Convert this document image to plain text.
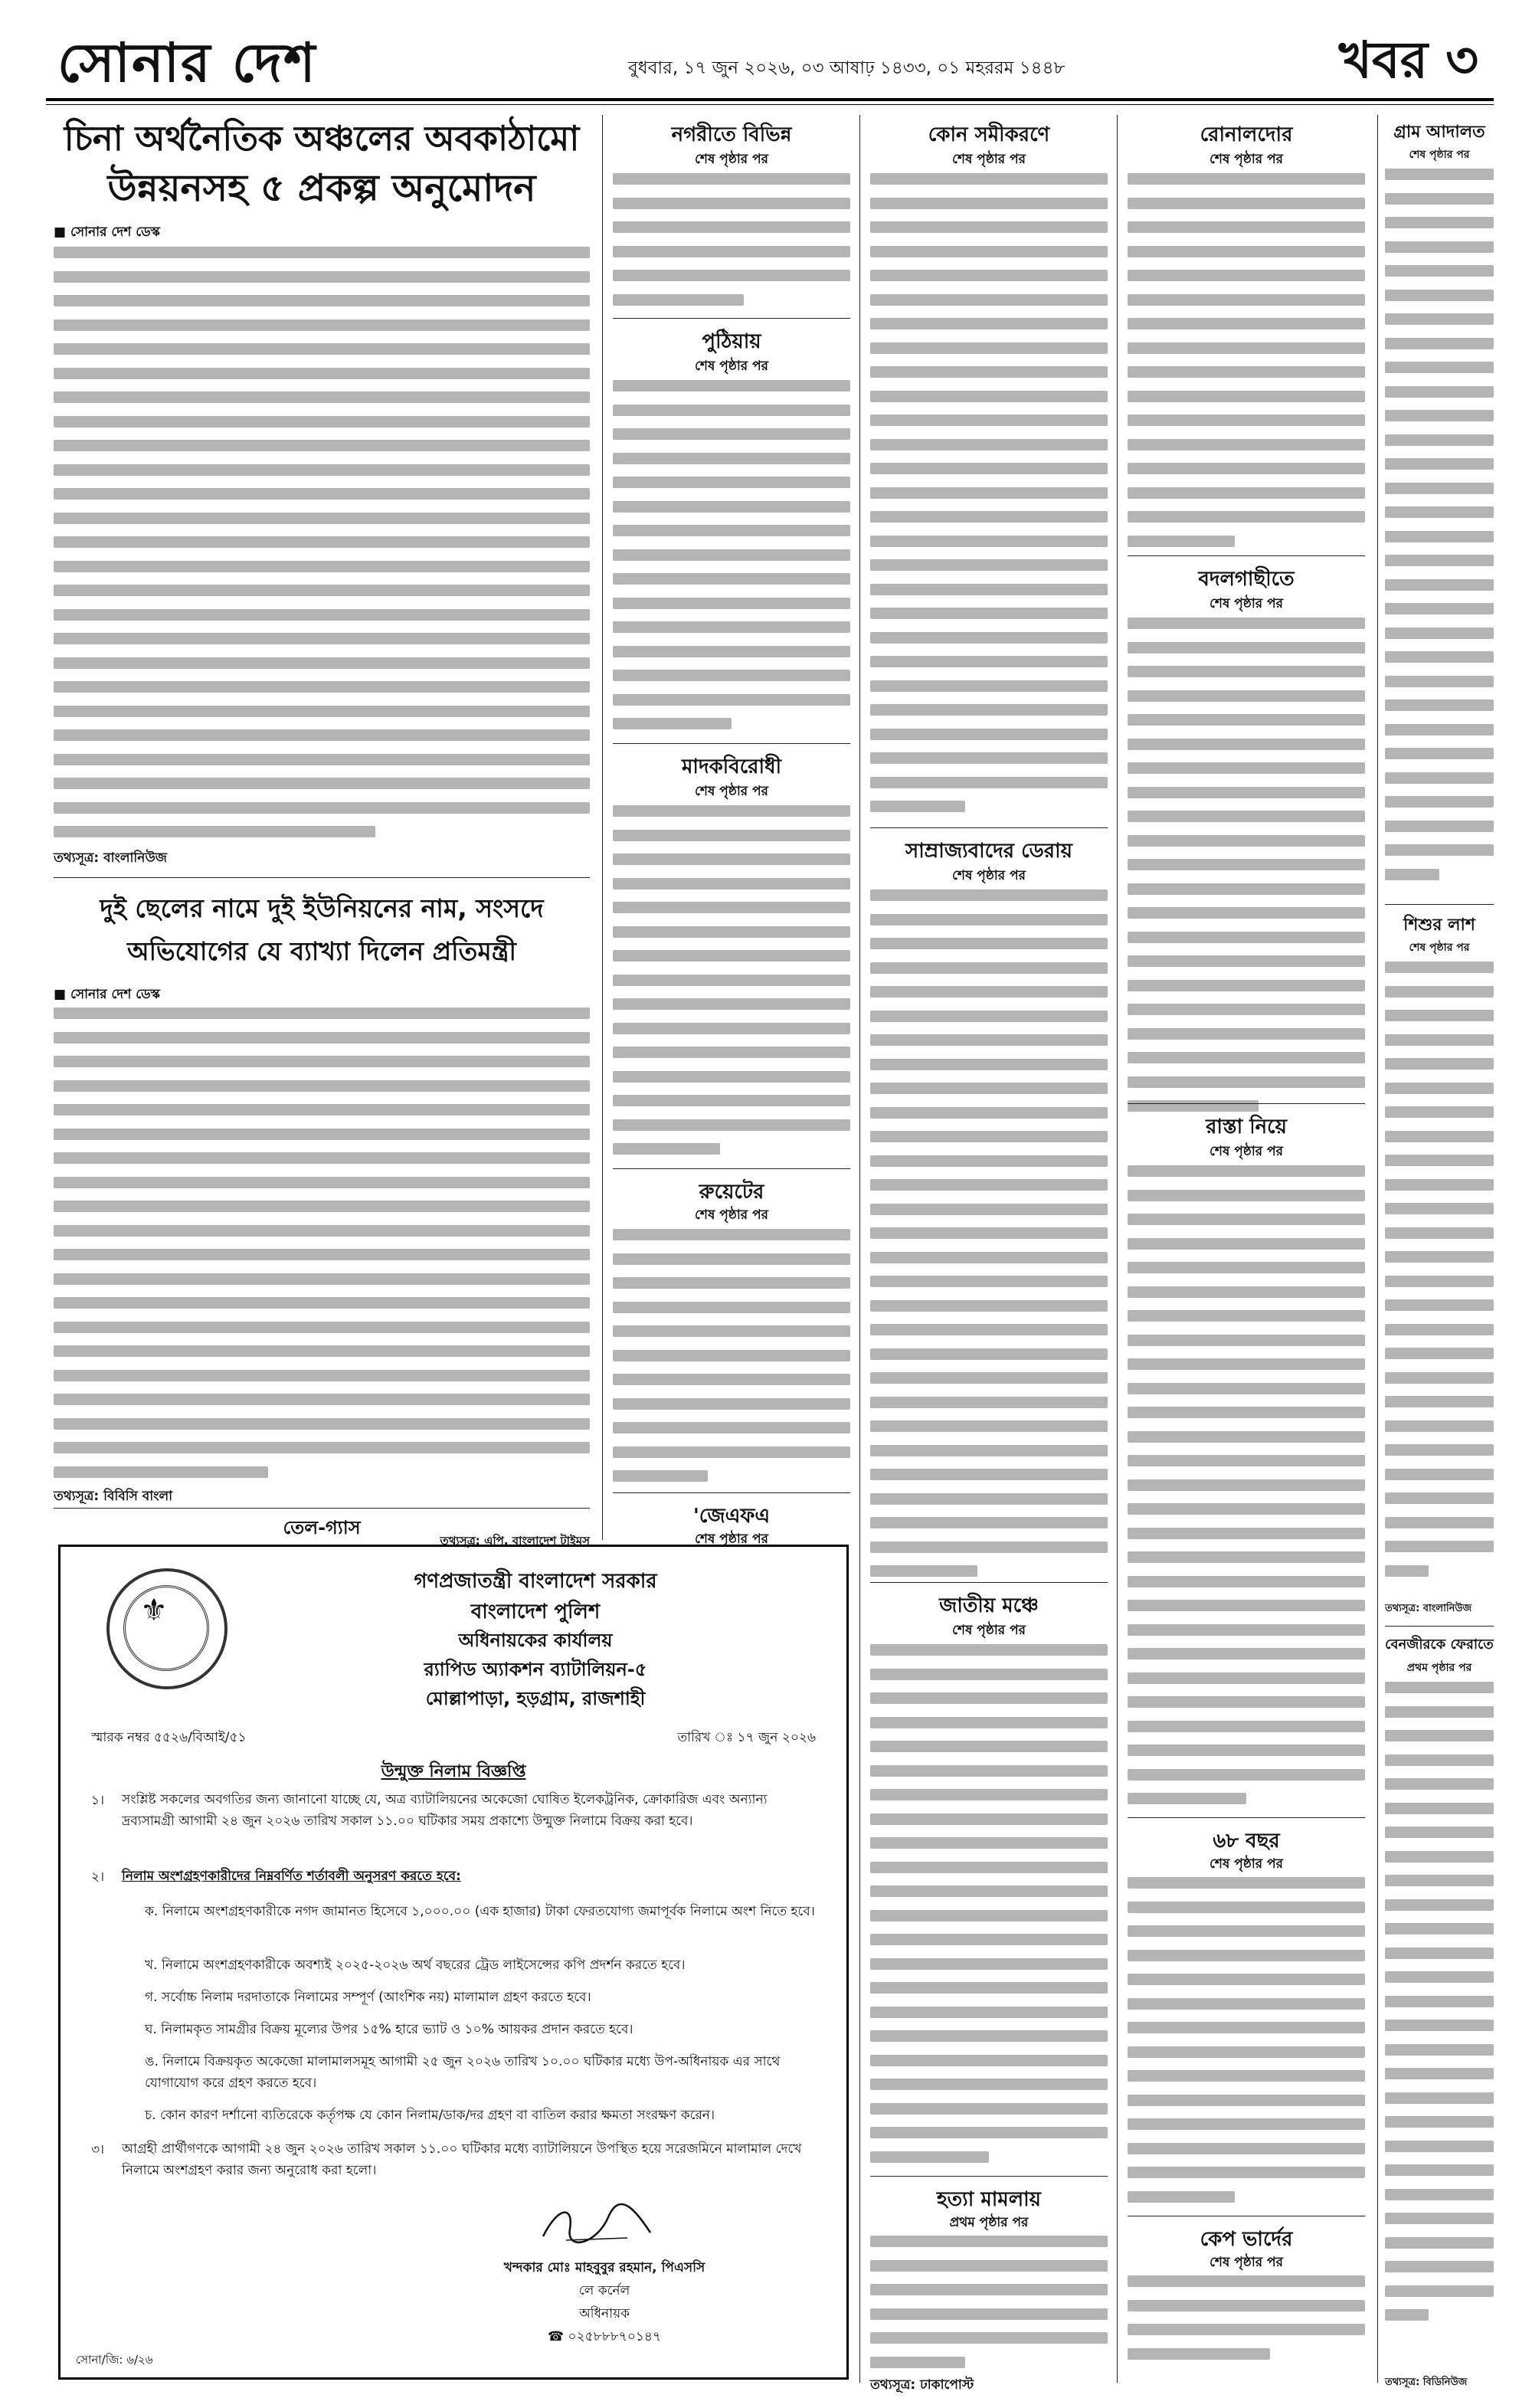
সোনার দেশ	বুধবার, ১৭ জুন ২০২৬, ০৩ আষাঢ় ১৪৩৩, ০১ মহররম ১৪৪৮	খবর ৩
চিনা অর্থনৈতিক অঞ্চলের অবকাঠামো
উন্নয়নসহ ৫ প্রকল্প অনুমোদন
■ সোনার দেশ ডেস্ক
তথ্যসূত্র: বাংলানিউজ
দুই ছেলের নামে দুই ইউনিয়নের নাম, সংসদে
অভিযোগের যে ব্যাখ্যা দিলেন প্রতিমন্ত্রী
■ সোনার দেশ ডেস্ক
তথ্যসূত্র: বিবিসি বাংলা
নগরীতে বিভিন্ন
শেষ পৃষ্ঠার পর
পুঠিয়ায়
শেষ পৃষ্ঠার পর
মাদকবিরোধী
শেষ পৃষ্ঠার পর
রুয়েটের
শেষ পৃষ্ঠার পর
'জেএফএ
শেষ পৃষ্ঠার পর
তেল-গ্যাস
কোন সমীকরণে
শেষ পৃষ্ঠার পর
সাম্রাজ্যবাদের ডেরায়
শেষ পৃষ্ঠার পর
জাতীয় মঞ্চে
শেষ পৃষ্ঠার পর
হত্যা মামলায়
প্রথম পৃষ্ঠার পর
তথ্যসূত্র: ঢাকাপোস্ট
রোনালদোর
শেষ পৃষ্ঠার পর
বদলগাছীতে
শেষ পৃষ্ঠার পর
রাস্তা নিয়ে
শেষ পৃষ্ঠার পর
৬৮ বছর
শেষ পৃষ্ঠার পর
কেপ ভার্দের
শেষ পৃষ্ঠার পর
⚜
গণপ্রজাতন্ত্রী বাংলাদেশ সরকার
বাংলাদেশ পুলিশ
অধিনায়কের কার্যালয়
র‌্যাপিড অ্যাকশন ব্যাটালিয়ন-৫
মোল্লাপাড়া, হড়গ্রাম, রাজশাহী
স্মারক নম্বর ৫৫২৬/বিআই/৫১	তারিখ ঃ ১৭ জুন ২০২৬
উন্মুক্ত নিলাম বিজ্ঞপ্তি
১। সংশ্লিষ্ট সকলের অবগতির জন্য জানানো যাচ্ছে যে, অত্র ব্যাটালিয়নের অকেজো ঘোষিত ইলেকট্রনিক, ক্রোকারিজ এবং অন্যান্য দ্রব্যসামগ্রী আগামী ২৪ জুন ২০২৬ তারিখ সকাল ১১.০০ ঘটিকার সময় প্রকাশ্যে উন্মুক্ত নিলামে বিক্রয় করা হবে।
২। নিলাম অংশগ্রহণকারীদের নিম্নবর্ণিত শর্তাবলী অনুসরণ করতে হবে:
ক. নিলামে অংশগ্রহণকারীকে নগদ জামানত হিসেবে ১,০০০.০০ (এক হাজার) টাকা ফেরতযোগ্য জমাপূর্বক নিলামে অংশ নিতে হবে।
খ. নিলামে অংশগ্রহণকারীকে অবশ্যই ২০২৫-২০২৬ অর্থ বছরের ট্রেড লাইসেন্সের কপি প্রদর্শন করতে হবে।
গ. সর্বোচ্চ নিলাম দরদাতাকে নিলামের সম্পূর্ণ (আংশিক নয়) মালামাল গ্রহণ করতে হবে।
ঘ. নিলামকৃত সামগ্রীর বিক্রয় মূল্যের উপর ১৫% হারে ভ্যাট ও ১০% আয়কর প্রদান করতে হবে।
ঙ. নিলামে বিক্রয়কৃত অকেজো মালামালসমূহ আগামী ২৫ জুন ২০২৬ তারিখ ১০.০০ ঘটিকার মধ্যে উপ-অধিনায়ক এর সাথে যোগাযোগ করে গ্রহণ করতে হবে।
চ. কোন কারণ দর্শানো ব্যতিরেকে কর্তৃপক্ষ যে কোন নিলাম/ডাক/দর গ্রহণ বা বাতিল করার ক্ষমতা সংরক্ষণ করেন।
৩। আগ্রহী প্রার্থীগণকে আগামী ২৪ জুন ২০২৬ তারিখ সকাল ১১.০০ ঘটিকার মধ্যে ব্যাটালিয়নে উপস্থিত হয়ে সরেজমিনে মালামাল দেখে নিলামে অংশগ্রহণ করার জন্য অনুরোধ করা হলো।
খন্দকার মোঃ মাহবুবুর রহমান, পিএসসি
লে কর্নেল
অধিনায়ক
☎ ০২৫৮৮৮৭০১৪৭
সোনা/জি: ৬/২৬
গ্রাম আদালত
শেষ পৃষ্ঠার পর
শিশুর লাশ
শেষ পৃষ্ঠার পর
তথ্যসূত্র: বাংলানিউজ
বেনজীরকে ফেরাতে
প্রথম পৃষ্ঠার পর
তথ্যসূত্র: বিডিনিউজ
তথ্যসূত্র: এপি, বাংলাদেশ টাইমস
